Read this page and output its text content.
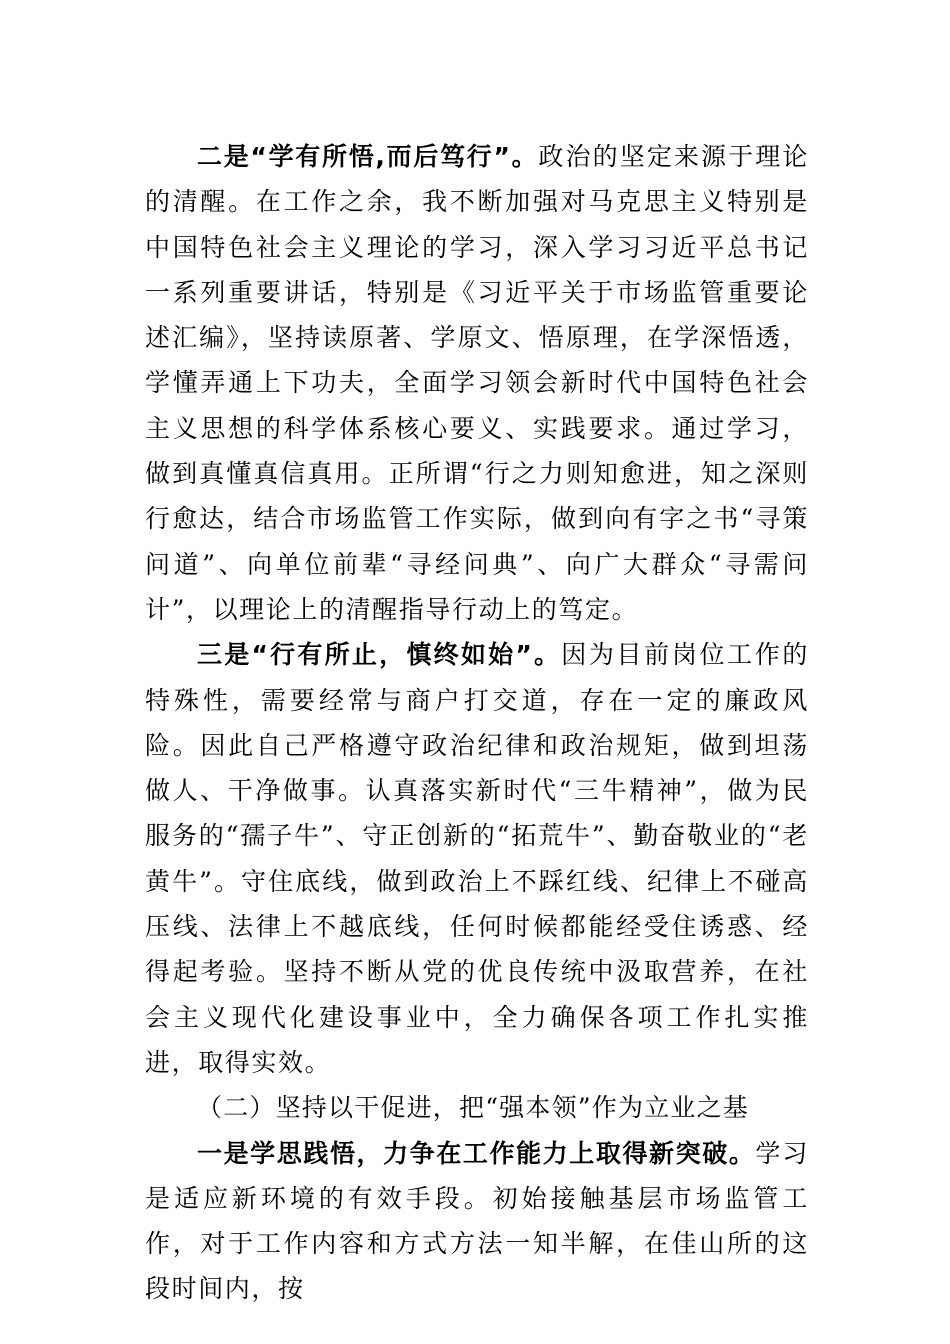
二是“学有所悟,而后笃行”。政治的坚定来源于理论的清醒。在工作之余，我不断加强对马克思主义特别是中国特色社会主义理论的学习，深入学习习近平总书记一系列重要讲话，特别是《习近平关于市场监管重要论述汇编》，坚持读原著、学原文、悟原理，在学深悟透，学懂弄通上下功夫，全面学习领会新时代中国特色社会主义思想的科学体系核心要义、实践要求。通过学习，做到真懂真信真用。正所谓“行之力则知愈进，知之深则行愈达，结合市场监管工作实际，做到向有字之书“寻策问道”、向单位前辈“寻经问典”、向广大群众“寻需问计”，以理论上的清醒指导行动上的笃定。

三是“行有所止，慎终如始”。因为目前岗位工作的特殊性，需要经常与商户打交道，存在一定的廉政风险。因此自己严格遵守政治纪律和政治规矩，做到坦荡做人、干净做事。认真落实新时代“三牛精神”，做为民服务的“孺子牛”、守正创新的“拓荒牛”、勤奋敬业的“老黄牛”。守住底线，做到政治上不踩红线、纪律上不碰高压线、法律上不越底线，任何时候都能经受住诱惑、经得起考验。坚持不断从党的优良传统中汲取营养，在社会主义现代化建设事业中，全力确保各项工作扎实推进，取得实效。

（二）坚持以干促进，把“强本领”作为立业之基

一是学思践悟，力争在工作能力上取得新突破。学习是适应新环境的有效手段。初始接触基层市场监管工作，对于工作内容和方式方法一知半解，在佳山所的这段时间内，按
